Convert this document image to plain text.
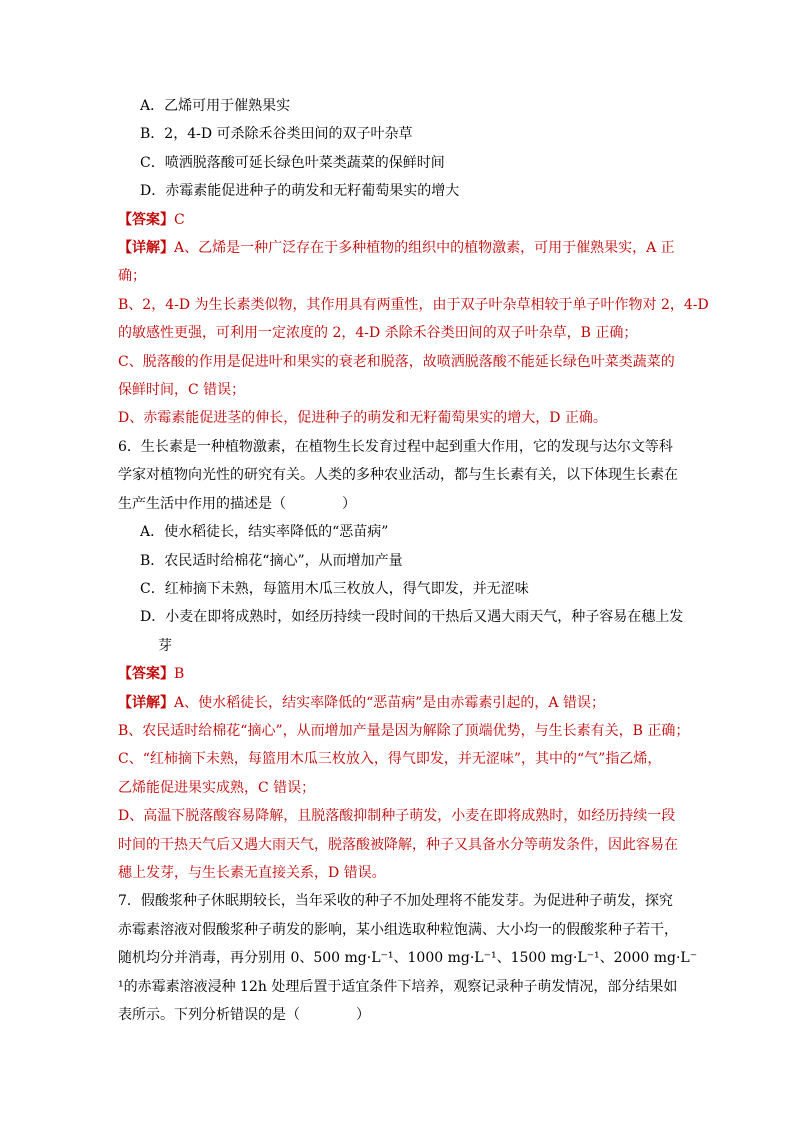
A．乙烯可用于催熟果实
B．2，4-D 可杀除禾谷类田间的双子叶杂草
C．喷洒脱落酸可延长绿色叶菜类蔬菜的保鲜时间
D．赤霉素能促进种子的萌发和无籽葡萄果实的增大
【答案】C
【详解】A、乙烯是一种广泛存在于多种植物的组织中的植物激素，可用于催熟果实，A 正
确；
B、2，4-D 为生长素类似物，其作用具有两重性，由于双子叶杂草相较于单子叶作物对 2，4-D
的敏感性更强，可利用一定浓度的 2，4-D 杀除禾谷类田间的双子叶杂草，B 正确；
C、脱落酸的作用是促进叶和果实的衰老和脱落，故喷洒脱落酸不能延长绿色叶菜类蔬菜的
保鲜时间，C 错误；
D、赤霉素能促进茎的伸长，促进种子的萌发和无籽葡萄果实的增大，D 正确。
6．生长素是一种植物激素，在植物生长发育过程中起到重大作用，它的发现与达尔文等科
学家对植物向光性的研究有关。人类的多种农业活动，都与生长素有关，以下体现生长素在
生产生活中作用的描述是（　　　　）
A．使水稻徒长，结实率降低的“恶苗病”
B．农民适时给棉花“摘心”，从而增加产量
C．红柿摘下未熟，每篮用木瓜三枚放人，得气即发，并无涩味
D．小麦在即将成熟时，如经历持续一段时间的干热后又遇大雨天气，种子容易在穗上发
芽
【答案】B
【详解】A、使水稻徒长，结实率降低的“恶苗病”是由赤霉素引起的，A 错误；
B、农民适时给棉花“摘心”，从而增加产量是因为解除了顶端优势，与生长素有关，B 正确；
C、“红柿摘下未熟，每篮用木瓜三枚放入，得气即发，并无涩味”，其中的“气”指乙烯，
乙烯能促进果实成熟，C 错误；
D、高温下脱落酸容易降解，且脱落酸抑制种子萌发，小麦在即将成熟时，如经历持续一段
时间的干热天气后又遇大雨天气，脱落酸被降解，种子又具备水分等萌发条件，因此容易在
穗上发芽，与生长素无直接关系，D 错误。
7．假酸浆种子休眠期较长，当年采收的种子不加处理将不能发芽。为促进种子萌发，探究
赤霉素溶液对假酸浆种子萌发的影响，某小组选取种粒饱满、大小均一的假酸浆种子若干，
随机均分并消毒，再分别用 0、500 mg·L⁻¹、1000 mg·L⁻¹、1500 mg·L⁻¹、2000 mg·L⁻
¹的赤霉素溶液浸种 12h 处理后置于适宜条件下培养，观察记录种子萌发情况，部分结果如
表所示。下列分析错误的是（　　　　）
